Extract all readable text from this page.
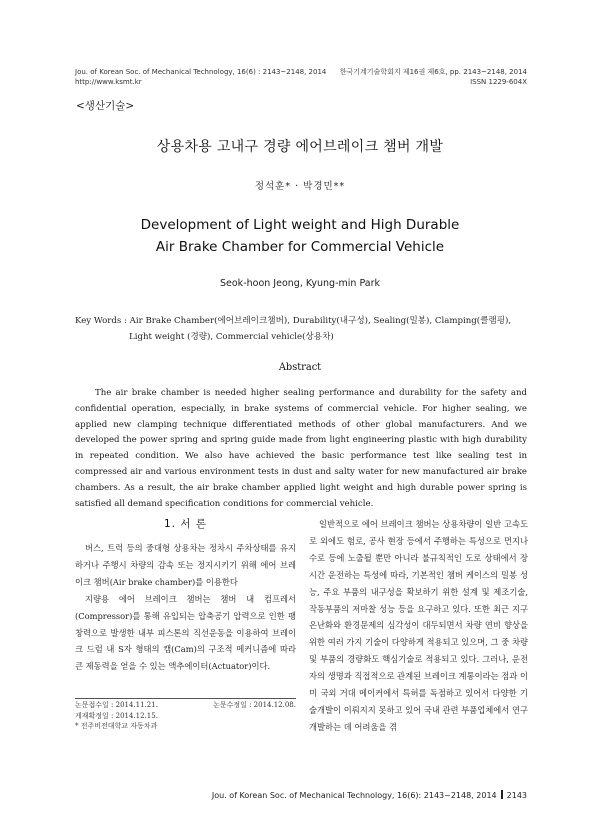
Jou. of Korean Soc. of Mechanical Technology, 16(6) : 2143~2148, 2014
http://www.ksmt.kr
한국기계기술학회지 제16권 제6호, pp. 2143~2148, 2014
ISSN 1229-604X
<생산기술>
상용차용 고내구 경량 에어브레이크 챔버 개발
정석훈* · 박경민**
Development of Light weight and High Durable
Air Brake Chamber for Commercial Vehicle
Seok-hoon Jeong, Kyung-min Park
Key Words : Air Brake Chamber(에어브레이크챔버), Durability(내구성), Sealing(밀봉), Clamping(클램핑),
Light weight (경량), Commercial vehicle(상용차)
Abstract

The air brake chamber is needed higher sealing performance and durability for the safety and confidential operation, especially, in brake systems of commercial vehicle. For higher sealing, we applied new clamping technique differentiated methods of other global manufacturers. And we developed the power spring and spring guide made from light engineering plastic with high durability in repeated condition. We also have achieved the basic performance test like sealing test in compressed air and various environment tests in dust and salty water for new manufactured air brake chambers. As a result, the air brake chamber applied light weight and high durable power spring is satisfied all demand specification conditions for commercial vehicle.

1. 서 론

버스, 트럭 등의 중대형 상용차는 정차시 주차상태를 유지하거나 주행시 차량의 감속 또는 정지시키기 위해 에어 브레이크 챔버(Air brake chamber)를 이용한다

지량용 에어 브레이크 챔버는 챔버 내 컴프레서(Compressor)를 통해 유입되는 압축공기 압력으로 인한 팽창력으로 발생한 내부 피스톤의 직선운동을 이용하여 브레이크 드럼 내 S자 형태의 캠(Cam)의 구조적 메커니즘에 따라 큰 제동력을 얻을 수 있는 액추에이터(Actuator)이다.

일반적으로 에어 브레이크 챔버는 상용차량이 일반 고속도로 외에도 험로, 공사 현장 등에서 주행하는 특성으로 먼지나 수로 등에 노출될 뿐만 아니라 불규칙적인 도로 상태에서 장시간 운전하는 특성에 따라, 기본적인 챔버 케이스의 밀봉 성능, 주요 부품의 내구성을 확보하기 위한 설계 및 제조기술, 작동부품의 저마찰 성능 등을 요구하고 있다. 또한 최근 지구 온난화와 환경문제의 심각성이 대두되면서 차량 연비 향상을 위한 여러 가지 기술이 다양하게 적용되고 있으며, 그 중 차량 및 부품의 경량화도 핵심기술로 적용되고 있다. 그러나, 운전자의 생명과 직접적으로 관계된 브레이크 계통이라는 점과 이미 국외 거대 메이커에서 특허를 독점하고 있어서 다양한 기술개발이 이뤄지지 못하고 있어 국내 관련 부품업체에서 연구 개발하는 데 어려움을 겪

논문접수일 : 2014.11.21.	논문수정일 : 2014.12.08.
게재확정일 : 2014.12.15.
* 전주비전대학교 자동차과
Jou. of Korean Soc. of Mechanical Technology, 16(6): 2143~2148, 2014 2143
